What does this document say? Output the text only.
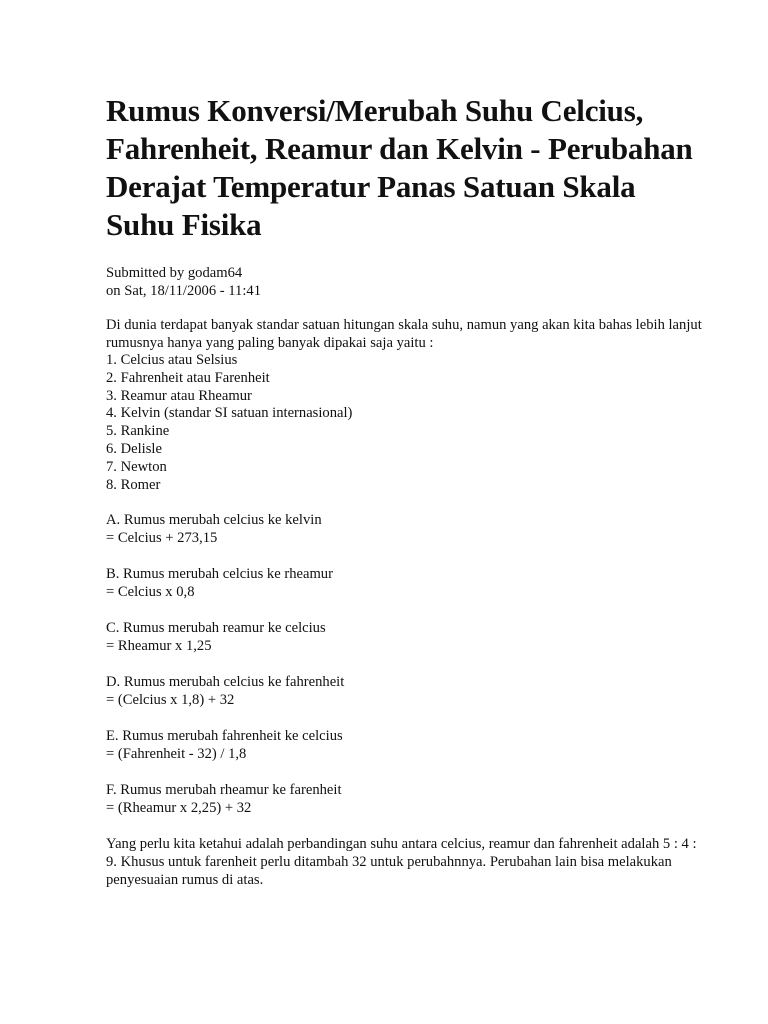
Rumus Konversi/Merubah Suhu Celcius, Fahrenheit, Reamur dan Kelvin - Perubahan Derajat Temperatur Panas Satuan Skala Suhu Fisika
Submitted by godam64
on Sat, 18/11/2006 - 11:41

Di dunia terdapat banyak standar satuan hitungan skala suhu, namun yang akan kita bahas lebih lanjut rumusnya hanya yang paling banyak dipakai saja yaitu :

1. Celcius atau Selsius
2. Fahrenheit atau Farenheit
3. Reamur atau Rheamur
4. Kelvin (standar SI satuan internasional)
5. Rankine
6. Delisle
7. Newton
8. Romer
A. Rumus merubah celcius ke kelvin
= Celcius + 273,15
B. Rumus merubah celcius ke rheamur
= Celcius x 0,8
C. Rumus merubah reamur ke celcius
= Rheamur x 1,25
D. Rumus merubah celcius ke fahrenheit
= (Celcius x 1,8) + 32
E. Rumus merubah fahrenheit ke celcius
= (Fahrenheit - 32) / 1,8
F. Rumus merubah rheamur ke farenheit
= (Rheamur x 2,25) + 32

Yang perlu kita ketahui adalah perbandingan suhu antara celcius, reamur dan fahrenheit adalah 5 : 4 : 9. Khusus untuk farenheit perlu ditambah 32 untuk perubahnnya. Perubahan lain bisa melakukan penyesuaian rumus di atas.
